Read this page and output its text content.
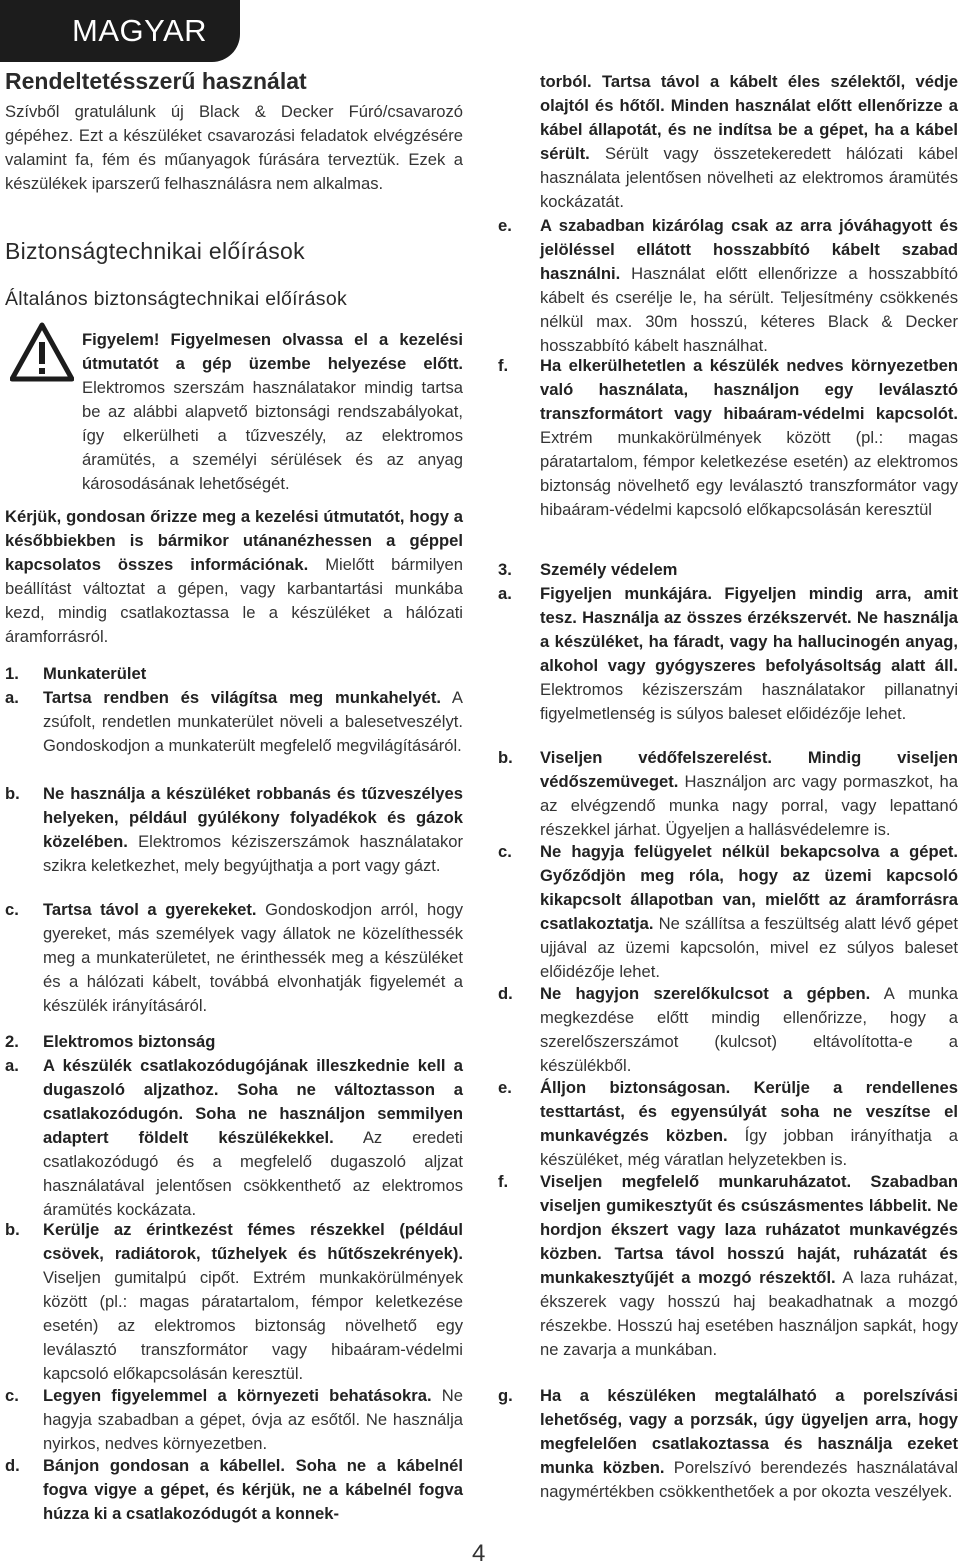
MAGYAR
Rendeltetésszerű használat
Szívből gratulálunk új Black & Decker Fúró/csavarozó gépéhez. Ezt a készüléket csavarozási feladatok elvégzésére valamint fa, fém és műanyagok fúrására terveztük. Ezek a készülékek iparszerű felhasználásra nem alkalmas.
Biztonságtechnikai előírások
Általános biztonságtechnikai előírások
Figyelem! Figyelmesen olvassa el a kezelési útmutatót a gép üzembe helyezése előtt. Elektromos szerszám használatakor mindig tartsa be az alábbi alapvető biztonsági rendszabályokat, így elkerülheti a tűzveszély, az elektromos áramütés, a személyi sérülések és az anyag károsodásának lehetőségét.
Kérjük, gondosan őrizze meg a kezelési útmutatót, hogy a későbbiekben is bármikor utánanézhessen a géppel kapcsolatos összes információnak. Mielőtt bármilyen beállítást változtat a gépen, vagy karbantartási munkába kezd, mindig csatlakoztassa le a készüléket a hálózati áramforrásról.
1. Munkaterület
a. Tartsa rendben és világítsa meg munkahelyét. A zsúfolt, rendetlen munkaterület növeli a balesetveszélyt. Gondoskodjon a munkaterült megfelelő megvilágításáról.
b. Ne használja a készüléket robbanás és tűzveszélyes helyeken, például gyúlékony folyadékok és gázok közelében. Elektromos kéziszerszámok használatakor szikra keletkezhet, mely begyújthatja a port vagy gázt.
c. Tartsa távol a gyerekeket. Gondoskodjon arról, hogy gyereket, más személyek vagy állatok ne közelíthessék meg a munkaterületet, ne érinthessék meg a készüléket és a hálózati kábelt, továbbá elvonhatják figyelemét a készülék irányításáról.
2. Elektromos biztonság
a. A készülék csatlakozódugójának illeszkednie kell a dugaszoló aljzathoz. Soha ne változtasson a csatlakozódugón. Soha ne használjon semmilyen adaptert földelt készülékekkel. Az eredeti csatlakozódugó és a megfelelő dugaszoló aljzat használatával jelentősen csökkenthető az elektromos áramütés kockázata.
b. Kerülje az érintkezést fémes részekkel (például csövek, radiátorok, tűzhelyek és hűtőszekrények). Viseljen gumitalpú cipőt. Extrém munkakörülmények között (pl.: magas páratartalom, fémpor keletkezése esetén) az elektromos biztonság növelhető egy leválasztó transzformátor vagy hibaáram-védelmi kapcsoló előkapcsolásán keresztül.
c. Legyen figyelemmel a környezeti behatásokra. Ne hagyja szabadban a gépet, óvja az esőtől. Ne használja nyirkos, nedves környezetben.
d. Bánjon gondosan a kábellel. Soha ne a kábelnél fogva vigye a gépet, és kérjük, ne a kábelnél fogva húzza ki a csatlakozódugót a konnek-
torból. Tartsa távol a kábelt éles szélektől, védje olajtól és hőtől. Minden használat előtt ellenőrizze a kábel állapotát, és ne indítsa be a gépet, ha a kábel sérült. Sérült vagy összetekeredett hálózati kábel használata jelentősen növelheti az elektromos áramütés kockázatát.
e. A szabadban kizárólag csak az arra jóváhagyott és jelöléssel ellátott hosszabbító kábelt szabad használni. Használat előtt ellenőrizze a hosszabbító kábelt és cserélje le, ha sérült. Teljesítmény csökkenés nélkül max. 30m hosszú, kéteres Black & Decker hosszabbító kábelt használhat.
f. Ha elkerülhetetlen a készülék nedves környezetben való használata, használjon egy leválasztó transzformátort vagy hibaáram-védelmi kapcsolót. Extrém munkakörülmények között (pl.: magas páratartalom, fémpor keletkezése esetén) az elektromos biztonság növelhető egy leválasztó transzformátor vagy hibaáram-védelmi kapcsoló előkapcsolásán keresztül
3. Személy védelem
a. Figyeljen munkájára. Figyeljen mindig arra, amit tesz. Használja az összes érzékszervét. Ne használja a készüléket, ha fáradt, vagy ha hallucinogén anyag, alkohol vagy gyógyszeres befolyásoltság alatt áll. Elektromos kéziszerszám használatakor pillanatnyi figyelmetlenség is súlyos baleset előidézője lehet.
b. Viseljen védőfelszerelést. Mindig viseljen védőszemüveget. Használjon arc vagy pormaszkot, ha az elvégzendő munka nagy porral, vagy lepattanó részekkel járhat. Ügyeljen a hallásvédelemre is.
c. Ne hagyja felügyelet nélkül bekapcsolva a gépet. Győződjön meg róla, hogy az üzemi kapcsoló kikapcsolt állapotban van, mielőtt az áramforrásra csatlakoztatja. Ne szállítsa a feszültség alatt lévő gépet ujjával az üzemi kapcsolón, mivel ez súlyos baleset előidézője lehet.
d. Ne hagyjon szerelőkulcsot a gépben. A munka megkezdése előtt mindig ellenőrizze, hogy a szerelőszerszámot (kulcsot) eltávolította-e a készülékből.
e. Álljon biztonságosan. Kerülje a rendellenes testtartást, és egyensúlyát soha ne veszítse el munkavégzés közben. Így jobban irányíthatja a készüléket, még váratlan helyzetekben is.
f. Viseljen megfelelő munkaruházatot. Szabadban viseljen gumikesztyűt és csúszásmentes lábbelit. Ne hordjon ékszert vagy laza ruházatot munkavégzés közben. Tartsa távol hosszú haját, ruházatát és munkakesztyűjét a mozgó részektől. A laza ruházat, ékszerek vagy hosszú haj beakadhatnak a mozgó részekbe. Hosszú haj esetében használjon sapkát, hogy ne zavarja a munkában.
g. Ha a készüléken megtalálható a porelszívási lehetőség, vagy a porzsák, úgy ügyeljen arra, hogy megfelelően csatlakoztassa és használja ezeket munka közben. Porelszívó berendezés használatával nagymértékben csökkenthetőek a por okozta veszélyek.
4
